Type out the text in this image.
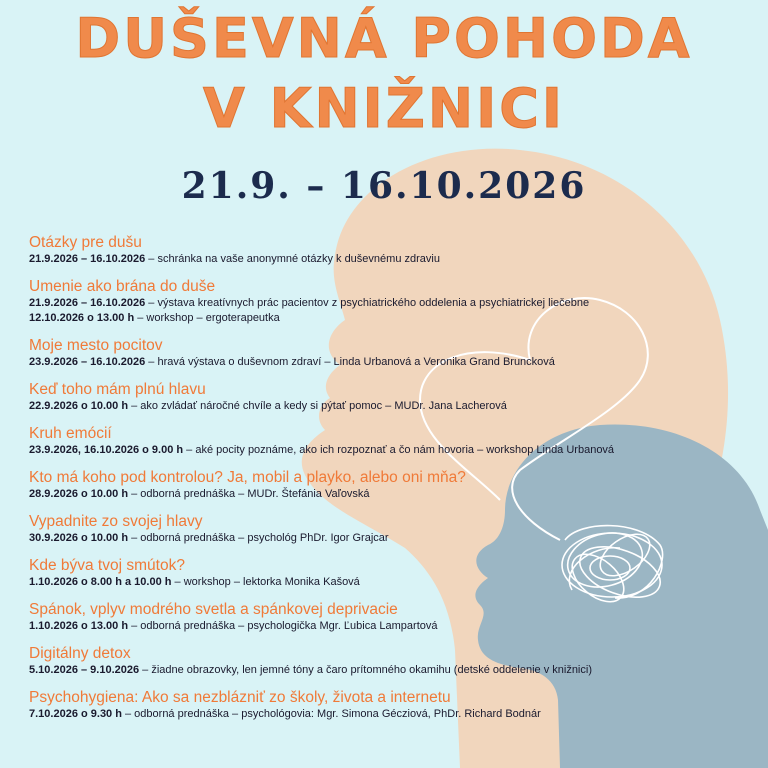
DUŠEVNÁ POHODA
V KNIŽNICI
21.9. – 16.10.2026
Otázky pre dušu
21.9.2026 – 16.10.2026 – schránka na vaše anonymné otázky k duševnému zdraviu
Umenie ako brána do duše
21.9.2026 – 16.10.2026 – výstava kreatívnych prác pacientov z psychiatrického oddelenia a psychiatrickej liečebne
12.10.2026 o 13.00 h – workshop – ergoterapeutka
Moje mesto pocitov
23.9.2026 – 16.10.2026 – hravá výstava o duševnom zdraví – Linda Urbanová a Veronika Grand Bruncková
Keď toho mám plnú hlavu
22.9.2026 o 10.00 h – ako zvládať náročné chvíle a kedy si pýtať pomoc – MUDr. Jana Lacherová
Kruh emócií
23.9.2026, 16.10.2026 o 9.00 h – aké pocity poznáme, ako ich rozpoznať a čo nám hovoria – workshop Linda Urbanová
Kto má koho pod kontrolou? Ja, mobil a playko, alebo oni mňa?
28.9.2026 o 10.00 h – odborná prednáška – MUDr. Štefánia Vaľovská
Vypadnite zo svojej hlavy
30.9.2026 o 10.00 h – odborná prednáška – psychológ PhDr. Igor Grajcar
Kde býva tvoj smútok?
1.10.2026 o 8.00 h a 10.00 h – workshop – lektorka Monika Kašová
Spánok, vplyv modrého svetla a spánkovej deprivacie
1.10.2026 o 13.00 h – odborná prednáška – psychologička Mgr. Ľubica Lampartová
Digitálny detox
5.10.2026 – 9.10.2026 – žiadne obrazovky, len jemné tóny a čaro prítomného okamihu (detské oddelenie v knižnici)
Psychohygiena: Ako sa nezblázniť zo školy, života a internetu
7.10.2026 o 9.30 h – odborná prednáška – psychológovia: Mgr. Simona Gécziová, PhDr. Richard Bodnár
